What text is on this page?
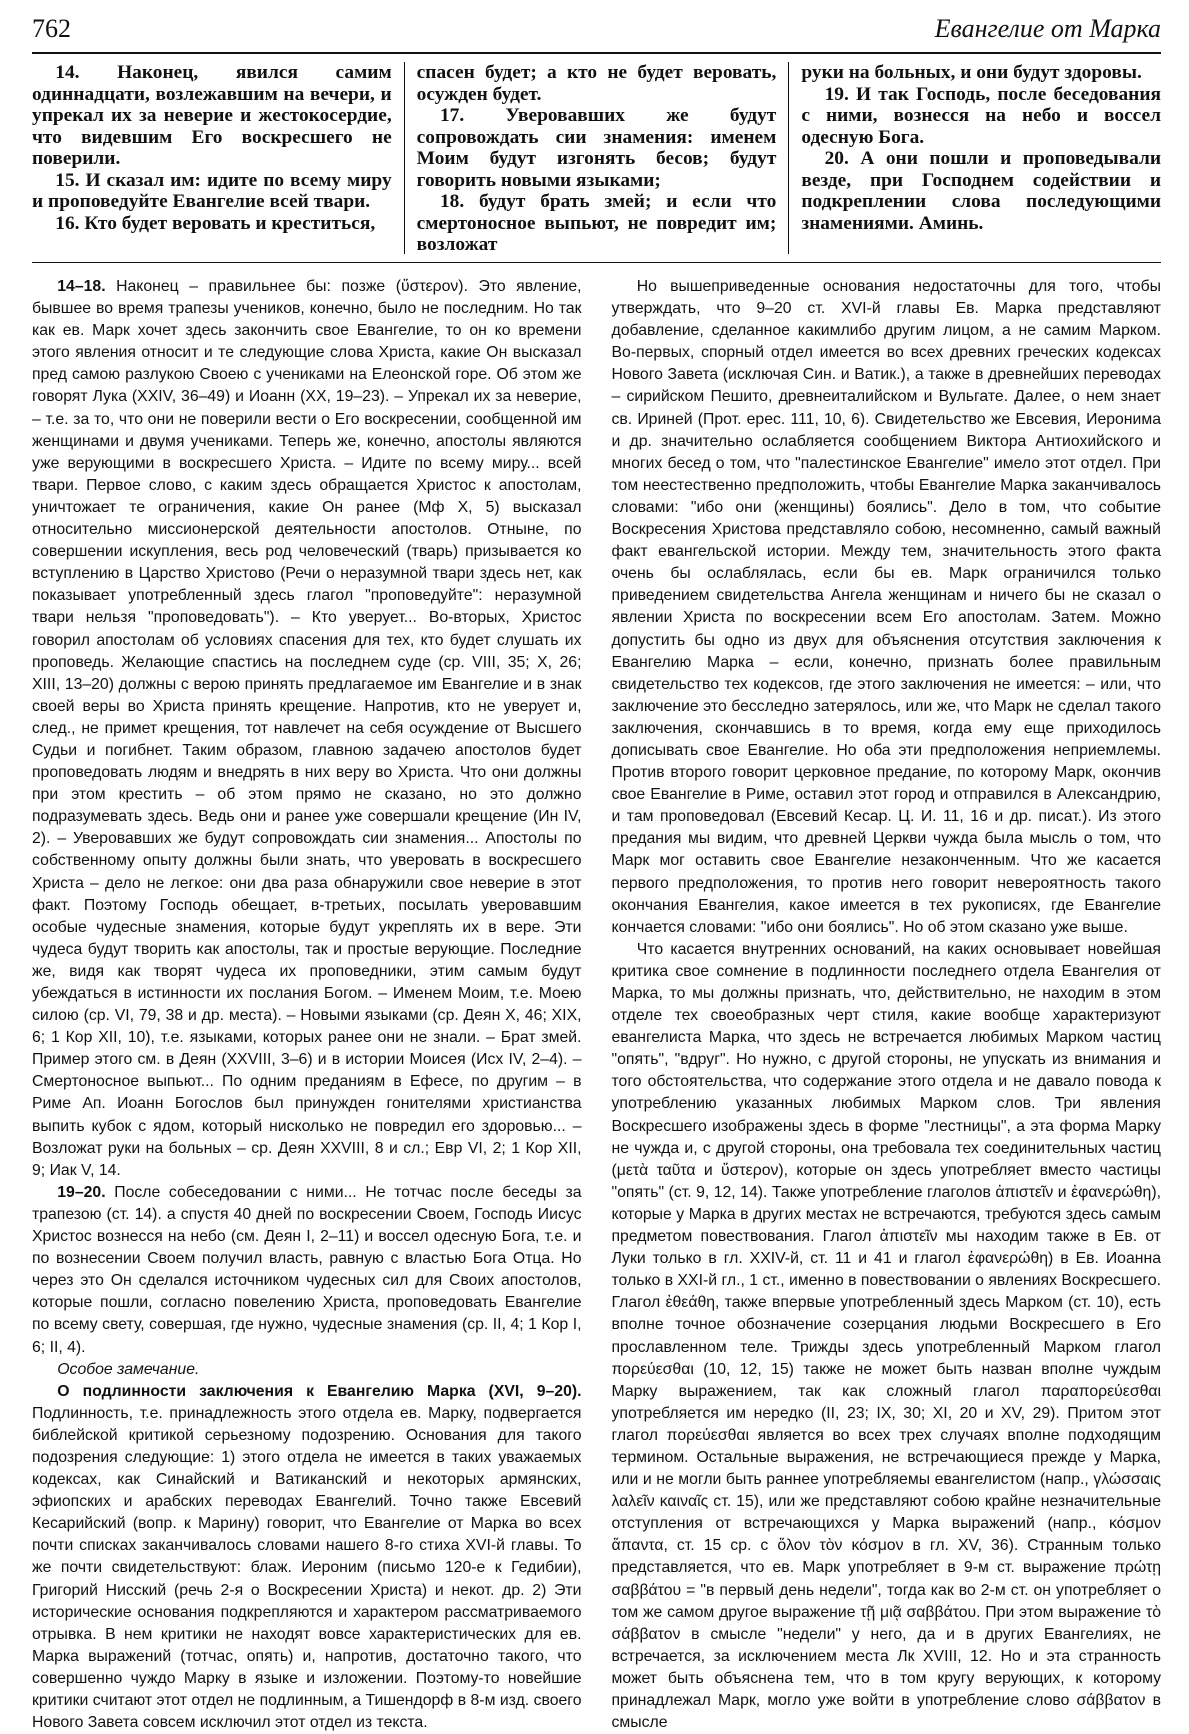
762	Евангелие от Марка

14. Наконец, явился самим одиннадцати, возлежавшим на вечери, и упрекал их за неверие и жестокосердие, что видевшим Его воскресшего не поверили.

15. И сказал им: идите по всему миру и проповедуйте Евангелие всей твари.

16. Кто будет веровать и креститься,

спасен будет; а кто не будет веровать, осужден будет.

17. Уверовавших же будут сопровождать сии знамения: именем Моим будут изгонять бесов; будут говорить новыми языками;

18. будут брать змей; и если что смертоносное выпьют, не повредит им; возложат

руки на больных, и они будут здоровы.

19. И так Господь, после беседования с ними, вознесся на небо и воссел одесную Бога.

20. А они пошли и проповедывали везде, при Господнем содействии и подкреплении слова последующими знамениями. Аминь.

14–18. Наконец – правильнее бы: позже (ὕστερον). Это явление, бывшее во время трапезы учеников, конечно, было не последним. Но так как ев. Марк хочет здесь закончить свое Евангелие, то он ко времени этого явления относит и те следующие слова Христа, какие Он высказал пред самою разлукою Своею с учениками на Елеонской горе. Об этом же говорят Лука (XXIV, 36–49) и Иоанн (XX, 19–23). – Упрекал их за неверие, – т.е. за то, что они не поверили вести о Его воскресении, сообщенной им женщинами и двумя учениками. Теперь же, конечно, апостолы являются уже верующими в воскресшего Христа. – Идите по всему миру... всей твари. Первое слово, с каким здесь обращается Христос к апостолам, уничтожает те ограничения, какие Он ранее (Мф X, 5) высказал относительно миссионерской деятельности апостолов. Отныне, по совершении искупления, весь род человеческий (тварь) призывается ко вступлению в Царство Христово (Речи о неразумной твари здесь нет, как показывает употребленный здесь глагол "проповедуйте": неразумной твари нельзя "проповедовать"). – Кто уверует... Во-вторых, Христос говорил апостолам об условиях спасения для тех, кто будет слушать их проповедь. Желающие спастись на последнем суде (ср. VIII, 35; X, 26; XIII, 13–20) должны с верою принять предлагаемое им Евангелие и в знак своей веры во Христа принять крещение. Напротив, кто не уверует и, след., не примет крещения, тот навлечет на себя осуждение от Высшего Судьи и погибнет. Таким образом, главною задачею апостолов будет проповедовать людям и внедрять в них веру во Христа. Что они должны при этом крестить – об этом прямо не сказано, но это должно подразумевать здесь. Ведь они и ранее уже совершали крещение (Ин IV, 2). – Уверовавших же будут сопровождать сии знамения... Апостолы по собственному опыту должны были знать, что уверовать в воскресшего Христа – дело не легкое: они два раза обнаружили свое неверие в этот факт. Поэтому Господь обещает, в-третьих, посылать уверовавшим особые чудесные знамения, которые будут укреплять их в вере. Эти чудеса будут творить как апостолы, так и простые верующие. Последние же, видя как творят чудеса их проповедники, этим самым будут убеждаться в истинности их послания Богом. – Именем Моим, т.е. Моею силою (ср. VI, 79, 38 и др. места). – Новыми языками (ср. Деян X, 46; XIX, 6; 1 Кор XII, 10), т.е. языками, которых ранее они не знали. – Брат змей. Пример этого см. в Деян (XXVIII, 3–6) и в истории Моисея (Исх IV, 2–4). – Смертоносное выпьют... По одним преданиям в Ефесе, по другим – в Риме Ап. Иоанн Богослов был принужден гонителями христианства выпить кубок с ядом, который нисколько не повредил его здоровью... – Возложат руки на больных – ср. Деян XXVIII, 8 и сл.; Евр VI, 2; 1 Кор XII, 9; Иак V, 14.

19–20. После собеседовании с ними... Не тотчас после беседы за трапезою (ст. 14). а спустя 40 дней по воскресении Своем, Господь Иисус Христос вознесся на небо (см. Деян I, 2–11) и воссел одесную Бога, т.е. и по вознесении Своем получил власть, равную с властью Бога Отца. Но через это Он сделался источником чудесных сил для Своих апостолов, которые пошли, согласно повелению Христа, проповедовать Евангелие по всему свету, совершая, где нужно, чудесные знамения (ср. II, 4; 1 Кор I, 6; II, 4).

Особое замечание.

О подлинности заключения к Евангелию Марка (XVI, 9–20). Подлинность, т.е. принадлежность этого отдела ев. Марку, подвергается библейской критикой серьезному подозрению. Основания для такого подозрения следующие: 1) этого отдела не имеется в таких уважаемых кодексах, как Синайский и Ватиканский и некоторых армянских, эфиопских и арабских переводах Евангелий. Точно также Евсевий Кесарийский (вопр. к Марину) говорит, что Евангелие от Марка во всех почти списках заканчивалось словами нашего 8-го стиха XVI-й главы. То же почти свидетельствуют: блаж. Иероним (письмо 120-е к Гедибии), Григорий Нисский (речь 2-я о Воскресении Христа) и некот. др. 2) Эти исторические основания подкрепляются и характером рассматриваемого отрывка. В нем критики не находят вовсе характеристических для ев. Марка выражений (тотчас, опять) и, напротив, достаточно такого, что совершенно чуждо Марку в языке и изложении. Поэтому-то новейшие критики считают этот отдел не подлинным, а Тишендорф в 8-м изд. своего Нового Завета совсем исключил этот отдел из текста.

Но вышеприведенные основания недостаточны для того, чтобы утверждать, что 9–20 ст. XVI-й главы Ев. Марка представляют добавление, сделанное какимлибо другим лицом, а не самим Марком. Во-первых, спорный отдел имеется во всех древних греческих кодексах Нового Завета (исключая Син. и Ватик.), а также в древнейших переводах – сирийском Пешито, древнеиталийском и Вульгате. Далее, о нем знает св. Ириней (Прот. ерес. 111, 10, 6). Свидетельство же Евсевия, Иеронима и др. значительно ослабляется сообщением Виктора Антиохийского и многих бесед о том, что "палестинское Евангелие" имело этот отдел. При том неестественно предположить, чтобы Евангелие Марка заканчивалось словами: "ибо они (женщины) боялись". Дело в том, что событие Воскресения Христова представляло собою, несомненно, самый важный факт евангельской истории. Между тем, значительность этого факта очень бы ослаблялась, если бы ев. Марк ограничился только приведением свидетельства Ангела женщинам и ничего бы не сказал о явлении Христа по воскресении всем Его апостолам. Затем. Можно допустить бы одно из двух для объяснения отсутствия заключения к Евангелию Марка – если, конечно, признать более правильным свидетельство тех кодексов, где этого заключения не имеется: – или, что заключение это бесследно затерялось, или же, что Марк не сделал такого заключения, скончавшись в то время, когда ему еще приходилось дописывать свое Евангелие. Но оба эти предположения неприемлемы. Против второго говорит церковное предание, по которому Марк, окончив свое Евангелие в Риме, оставил этот город и отправился в Александрию, и там проповедовал (Евсевий Кесар. Ц. И. 11, 16 и др. писат.). Из этого предания мы видим, что древней Церкви чужда была мысль о том, что Марк мог оставить свое Евангелие незаконченным. Что же касается первого предположения, то против него говорит невероятность такого окончания Евангелия, какое имеется в тех рукописях, где Евангелие кончается словами: "ибо они боялись". Но об этом сказано уже выше.

Что касается внутренних оснований, на каких основывает новейшая критика свое сомнение в подлинности последнего отдела Евангелия от Марка, то мы должны признать, что, действительно, не находим в этом отделе тех своеобразных черт стиля, какие вообще характеризуют евангелиста Марка, что здесь не встречается любимых Марком частиц "опять", "вдруг". Но нужно, с другой стороны, не упускать из внимания и того обстоятельства, что содержание этого отдела и не давало повода к употреблению указанных любимых Марком слов. Три явления Воскресшего изображены здесь в форме "лестницы", а эта форма Марку не чужда и, с другой стороны, она требовала тех соединительных частиц (μετὰ ταῦτα и ὕστερον), которые он здесь употребляет вместо частицы "опять" (ст. 9, 12, 14). Также употребление глаголов ἀπιστεῖν и ἐφανερώθη), которые у Марка в других местах не встречаются, требуются здесь самым предметом повествования. Глагол ἀπιστεῖν мы находим также в Ев. от Луки только в гл. XXIV-й, ст. 11 и 41 и глагол ἐφανερώθη) в Ев. Иоанна только в XXI-й гл., 1 ст., именно в повествовании о явлениях Воскресшего. Глагол ἐθεάθη, также впервые употребленный здесь Марком (ст. 10), есть вполне точное обозначение созерцания людьми Воскресшего в Его прославленном теле. Трижды здесь употребленный Марком глагол πορεύεσθαι (10, 12, 15) также не может быть назван вполне чуждым Марку выражением, так как сложный глагол παραπορεύεσθαι употребляется им нередко (II, 23; IX, 30; XI, 20 и XV, 29). Притом этот глагол πορεύεσθαι является во всех трех случаях вполне подходящим термином. Остальные выражения, не встречающиеся прежде у Марка, или и не могли быть раннее употребляемы евангелистом (напр., γλώσσαις λαλεῖν καιναῖς ст. 15), или же представляют собою крайне незначительные отступления от встречающихся у Марка выражений (напр., κόσμον ἅπαντα, ст. 15 ср. с ὅλον τὸν κόσμον в гл. XV, 36). Странным только представляется, что ев. Марк употребляет в 9-м ст. выражение πρώτῃ σαββάτου = "в первый день недели", тогда как во 2-м ст. он употребляет о том же самом другое выражение τῇ μιᾷ σαββάτου. При этом выражение τὸ σάββατον в смысле "недели" у него, да и в других Евангелиях, не встречается, за исключением места Лк XVIII, 12. Но и эта странность может быть объяснена тем, что в том кругу верующих, к которому принадлежал Марк, могло уже войти в употребление слово σάββατον в смысле
